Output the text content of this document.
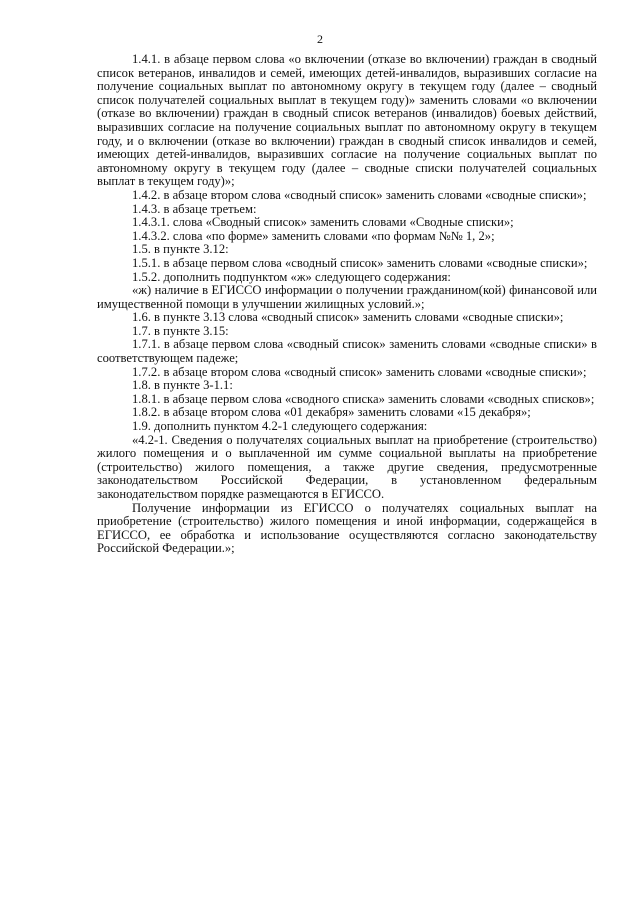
2

1.4.1. в абзаце первом слова «о включении (отказе во включении) граждан в сводный список ветеранов, инвалидов и семей, имеющих детей-инвалидов, выразивших согласие на получение социальных выплат по автономному округу в текущем году (далее – сводный список получателей социальных выплат в текущем году)» заменить словами «о включении (отказе во включении) граждан в сводный список ветеранов (инвалидов) боевых действий, выразивших согласие на получение социальных выплат по автономному округу в текущем году, и о включении (отказе во включении) граждан в сводный список инвалидов и семей, имеющих детей-инвалидов, выразивших согласие на получение социальных выплат по автономному округу в текущем году (далее – сводные списки получателей социальных выплат в текущем году)»;

1.4.2. в абзаце втором слова «сводный список» заменить словами «сводные списки»;

1.4.3. в абзаце третьем:

1.4.3.1. слова «Сводный список» заменить словами «Сводные списки»;

1.4.3.2. слова «по форме» заменить словами «по формам №№ 1, 2»;

1.5. в пункте 3.12:

1.5.1. в абзаце первом слова «сводный список» заменить словами «сводные списки»;

1.5.2. дополнить подпунктом «ж» следующего содержания:

«ж) наличие в ЕГИССО информации о получении гражданином(кой) финансовой или имущественной помощи в улучшении жилищных условий.»;

1.6. в пункте 3.13 слова «сводный список» заменить словами «сводные списки»;

1.7. в пункте 3.15:

1.7.1. в абзаце первом слова «сводный список» заменить словами «сводные списки» в соответствующем падеже;

1.7.2. в абзаце втором слова «сводный список» заменить словами «сводные списки»;

1.8. в пункте 3-1.1:

1.8.1. в абзаце первом слова «сводного списка» заменить словами «сводных списков»;

1.8.2. в абзаце втором слова «01 декабря» заменить словами «15 декабря»;

1.9. дополнить пунктом 4.2-1 следующего содержания:

«4.2-1. Сведения о получателях социальных выплат на приобретение (строительство) жилого помещения и о выплаченной им сумме социальной выплаты на приобретение (строительство) жилого помещения, а также другие сведения, предусмотренные законодательством Российской Федерации, в установленном федеральным законодательством порядке размещаются в ЕГИССО.

Получение информации из ЕГИССО о получателях социальных выплат на приобретение (строительство) жилого помещения и иной информации, содержащейся в ЕГИССО, ее обработка и использование осуществляются согласно законодательству Российской Федерации.»;
